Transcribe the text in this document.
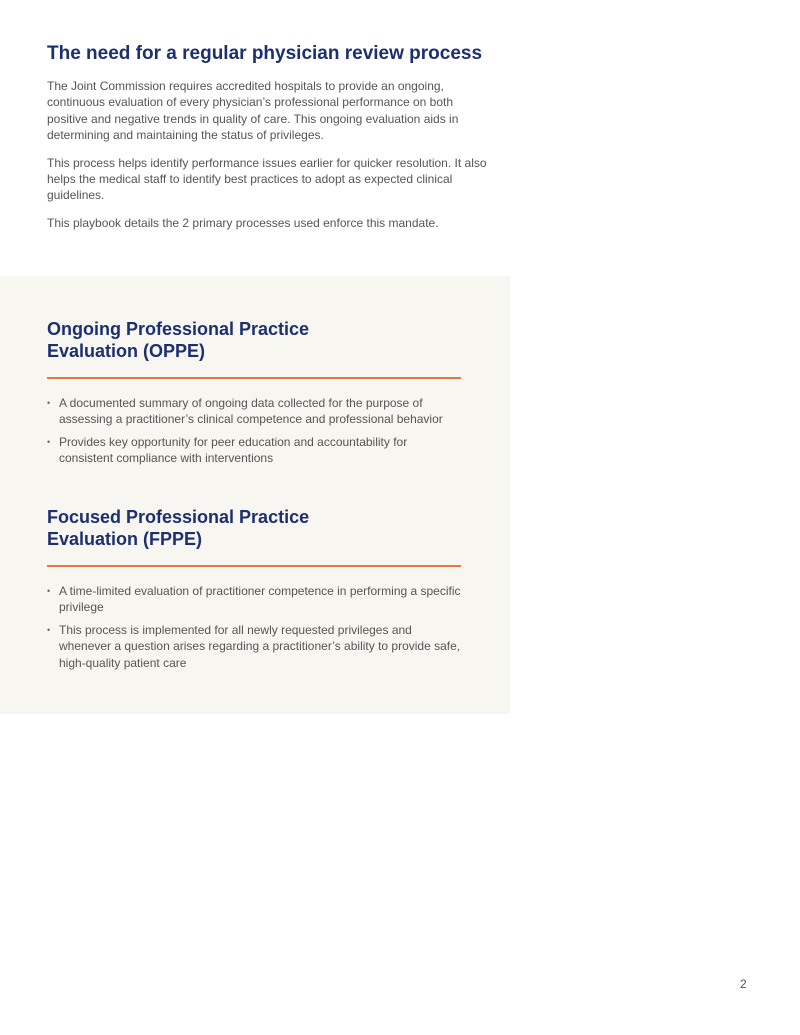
The need for a regular physician review process

The Joint Commission requires accredited hospitals to provide an ongoing, continuous evaluation of every physician’s professional performance on both positive and negative trends in quality of care. This ongoing evaluation aids in determining and maintaining the status of privileges.

This process helps identify performance issues earlier for quicker resolution. It also helps the medical staff to identify best practices to adopt as expected clinical guidelines.

This playbook details the 2 primary processes used enforce this mandate.

Ongoing Professional Practice
Evaluation (OPPE)
• A documented summary of ongoing data collected for the purpose of assessing a practitioner’s clinical competence and professional behavior
• Provides key opportunity for peer education and accountability for consistent compliance with interventions
Focused Professional Practice
Evaluation (FPPE)
• A time-limited evaluation of practitioner competence in performing a specific privilege
• This process is implemented for all newly requested privileges and whenever a question arises regarding a practitioner’s ability to provide safe, high-quality patient care
2
